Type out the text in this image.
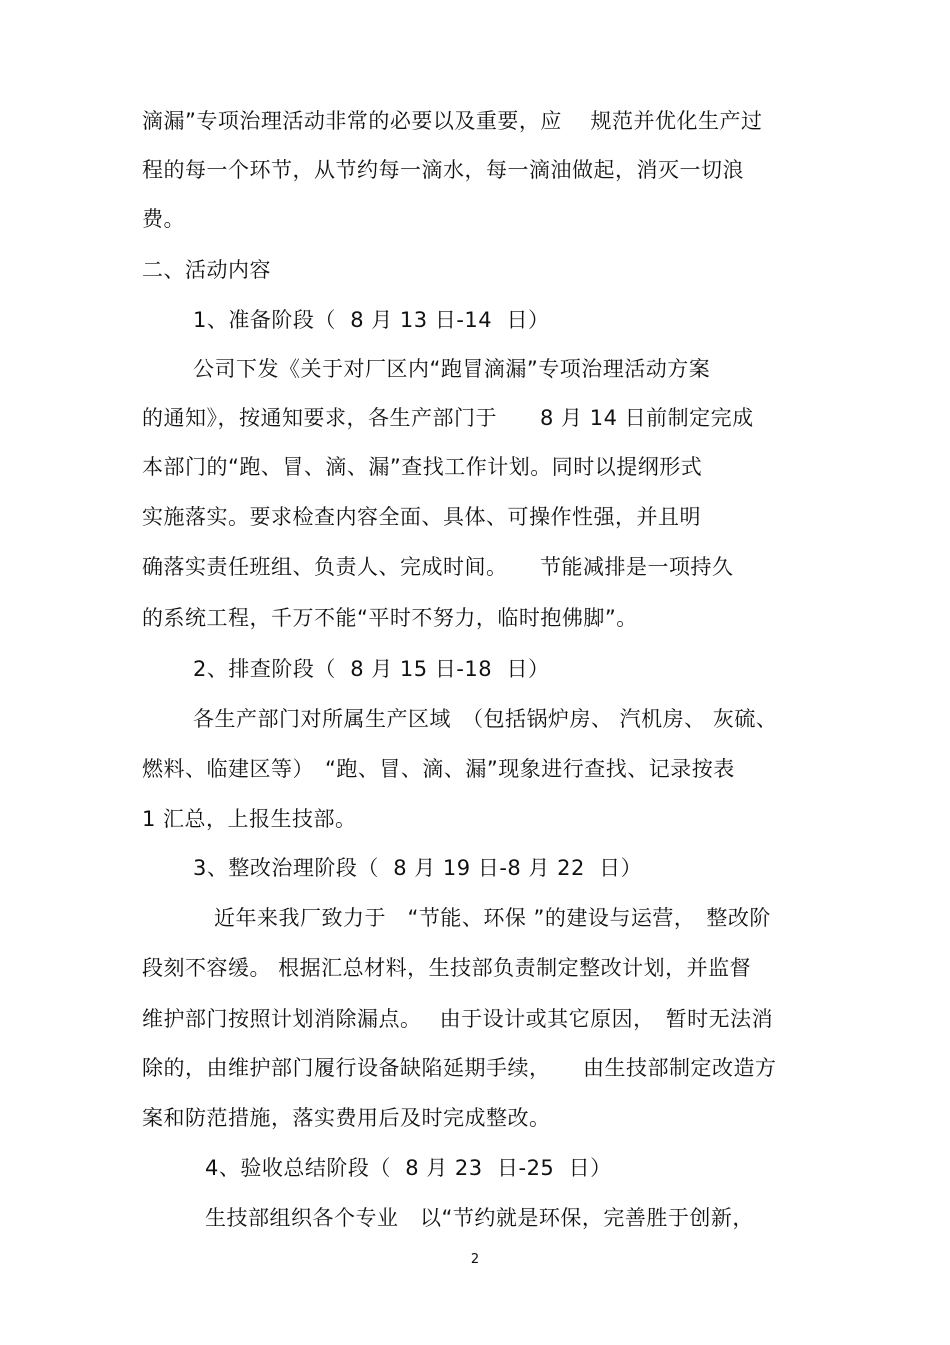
滴漏”专项治理活动非常的必要以及重要，应　 规范并优化生产过
程的每一个环节，从节约每一滴水，每一滴油做起，消灭一切浪
费。
二、活动内容
1、准备阶段（  8 月 13 日-14  日）
公司下发《关于对厂区内“跑冒滴漏”专项治理活动方案
的通知》，按通知要求，各生产部门于　　8 月 14 日前制定完成
本部门的“跑、冒、滴、漏”查找工作计划。同时以提纲形式
实施落实。要求检查内容全面、具体、可操作性强，并且明
确落实责任班组、负责人、完成时间。　　节能减排是一项持久
的系统工程，千万不能“平时不努力，临时抱佛脚”。
2、排查阶段（  8 月 15 日-18  日）
各生产部门对所属生产区域　（包括锅炉房、 汽机房、 灰硫、
燃料、临建区等）　“跑、冒、滴、漏”现象进行查找、记录按表
1 汇总，上报生技部。
3、整改治理阶段（  8 月 19 日-8 月 22  日）
近年来我厂致力于　“节能、环保 ”的建设与运营，　整改阶
段刻不容缓。 根据汇总材料，生技部负责制定整改计划，并监督
维护部门按照计划消除漏点。　 由于设计或其它原因，　暂时无法消
除的，由维护部门履行设备缺陷延期手续，　　由生技部制定改造方
案和防范措施，落实费用后及时完成整改。
4、验收总结阶段（  8 月 23  日-25  日）
生技部组织各个专业　以“节约就是环保，完善胜于创新，
2
